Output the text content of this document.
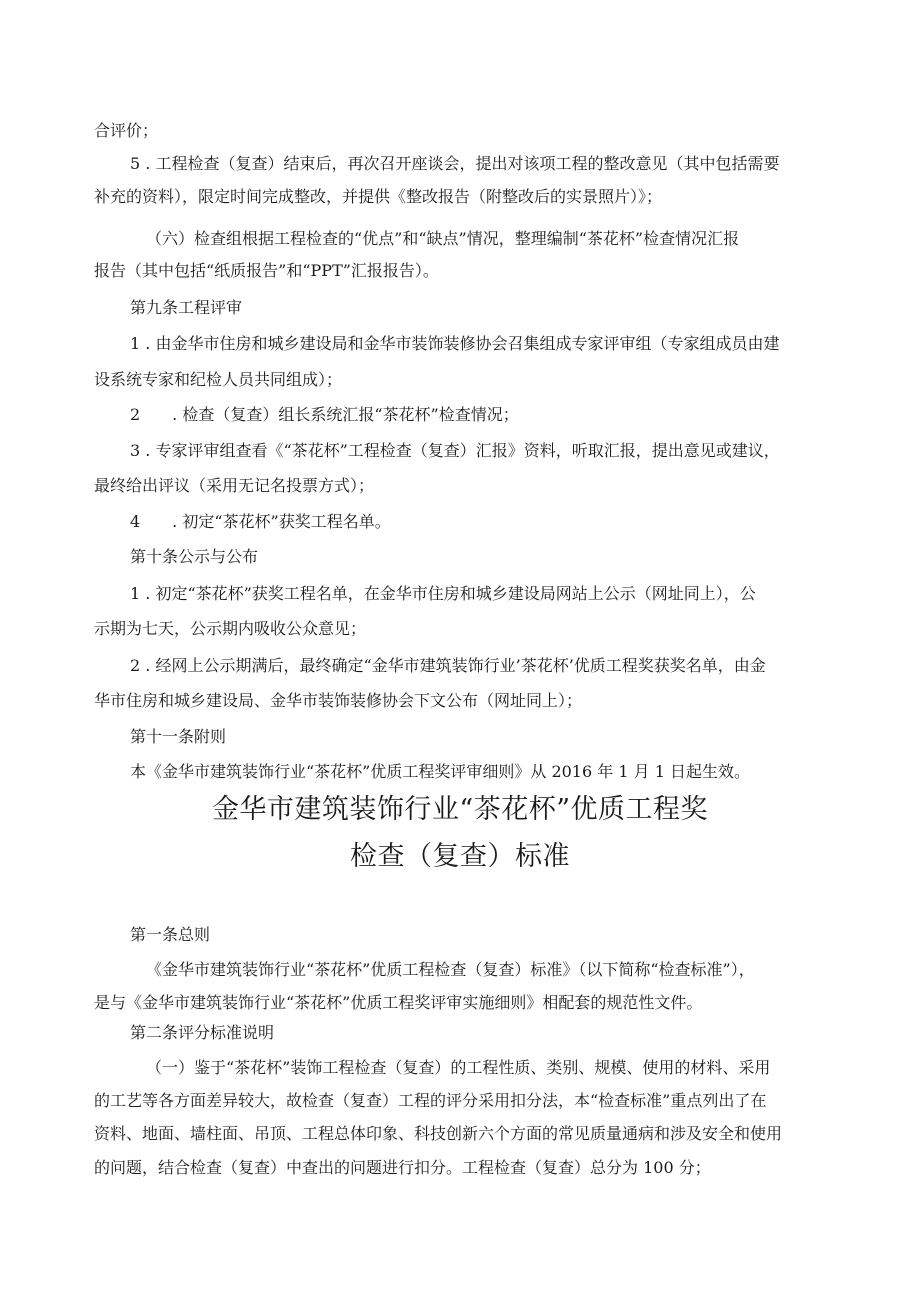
合评价；

5 . 工程检查（复查）结束后，再次召开座谈会，提出对该项工程的整改意见（其中包括需要

补充的资料），限定时间完成整改，并提供《整改报告（附整改后的实景照片）》；

（六）检查组根据工程检查的“优点”和“缺点”情况，整理编制“茶花杯”检查情况汇报

报告（其中包括“纸质报告”和“PPT”汇报报告）。

第九条工程评审

1 . 由金华市住房和城乡建设局和金华市装饰装修协会召集组成专家评审组（专家组成员由建

设系统专家和纪检人员共同组成）；

2　　. 检查（复查）组长系统汇报“茶花杯”检查情况；

3 . 专家评审组查看《“茶花杯”工程检查（复查）汇报》资料，听取汇报，提出意见或建议，

最终给出评议（采用无记名投票方式）；

4　　. 初定“茶花杯”获奖工程名单。

第十条公示与公布

1 . 初定“茶花杯”获奖工程名单，在金华市住房和城乡建设局网站上公示（网址同上），公

示期为七天，公示期内吸收公众意见；

2 . 经网上公示期满后，最终确定“金华市建筑装饰行业’茶花杯’优质工程奖获奖名单，由金

华市住房和城乡建设局、金华市装饰装修协会下文公布（网址同上）；

第十一条附则

本《金华市建筑装饰行业“茶花杯”优质工程奖评审细则》从 2016 年 1 月 1 日起生效。

金华市建筑装饰行业“茶花杯”优质工程奖
检查（复查）标准

第一条总则

《金华市建筑装饰行业“茶花杯”优质工程检查（复查）标准》（以下简称“检查标准”），

是与《金华市建筑装饰行业“茶花杯”优质工程奖评审实施细则》相配套的规范性文件。

第二条评分标准说明

（一）鉴于“茶花杯”装饰工程检查（复查）的工程性质、类别、规模、使用的材料、采用

的工艺等各方面差异较大，故检查（复查）工程的评分采用扣分法，本“检查标准”重点列出了在

资料、地面、墙柱面、吊顶、工程总体印象、科技创新六个方面的常见质量通病和涉及安全和使用

的问题，结合检查（复查）中查出的问题进行扣分。工程检查（复查）总分为 100 分；
